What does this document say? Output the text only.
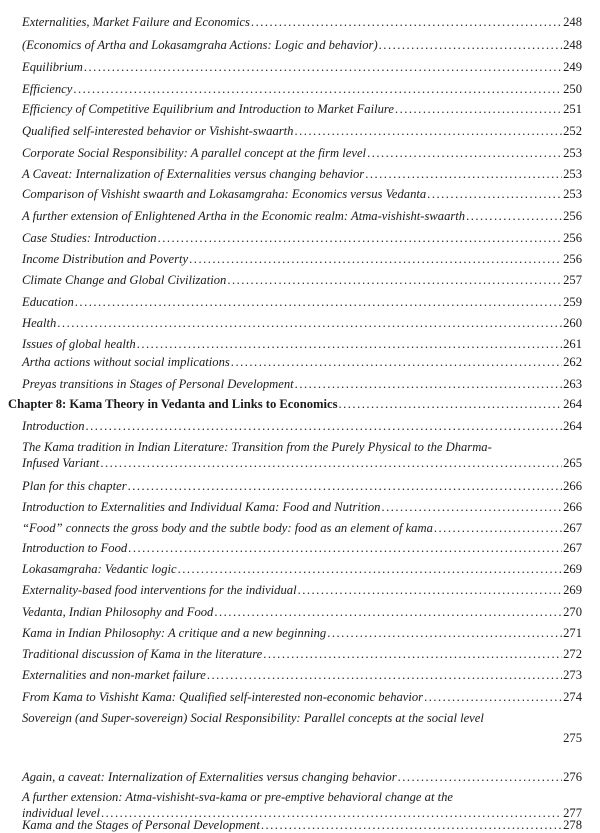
Externalities, Market Failure and Economics .....	248
(Economics of Artha and Lokasamgraha Actions: Logic and behavior) .....	248
Equilibrium .....	249
Efficiency .....	250
Efficiency of Competitive Equilibrium and Introduction to Market Failure .....	251
Qualified self-interested behavior or Vishisht-swaarth .....	252
Corporate Social Responsibility: A parallel concept at the firm level .....	253
A Caveat: Internalization of Externalities versus changing behavior .....	253
Comparison of Vishisht swaarth and Lokasamgraha: Economics versus Vedanta .....	253
A further extension of Enlightened Artha in the Economic realm: Atma-vishisht-swaarth .....	256
Case Studies: Introduction .....	256
Income Distribution and Poverty .....	256
Climate Change and Global Civilization .....	257
Education .....	259
Health .....	260
Issues of global health .....	261
Artha actions without social implications .....	262
Preyas transitions in Stages of Personal Development .....	263
Chapter 8: Kama Theory in Vedanta and Links to Economics .....	264
Introduction .....	264
The Kama tradition in Indian Literature: Transition from the Purely Physical to the Dharma-
Infused Variant .....	265
Plan for this chapter .....	266
Introduction to Externalities and Individual Kama: Food and Nutrition .....	266
“Food” connects the gross body and the subtle body: food as an element of kama .....	267
Introduction to Food .....	267
Lokasamgraha: Vedantic logic .....	269
Externality-based food interventions for the individual .....	269
Vedanta, Indian Philosophy and Food .....	270
Kama in Indian Philosophy: A critique and a new beginning .....	271
Traditional discussion of Kama in the literature .....	272
Externalities and non-market failure .....	273
From Kama to Vishisht Kama: Qualified self-interested non-economic behavior .....	274
Sovereign (and Super-sovereign) Social Responsibility: Parallel concepts at the social level
275
Again, a caveat: Internalization of Externalities versus changing behavior .....	276
A further extension: Atma-vishisht-sva-kama or pre-emptive behavioral change at the
individual level .....	277
Kama and the Stages of Personal Development .....	278
